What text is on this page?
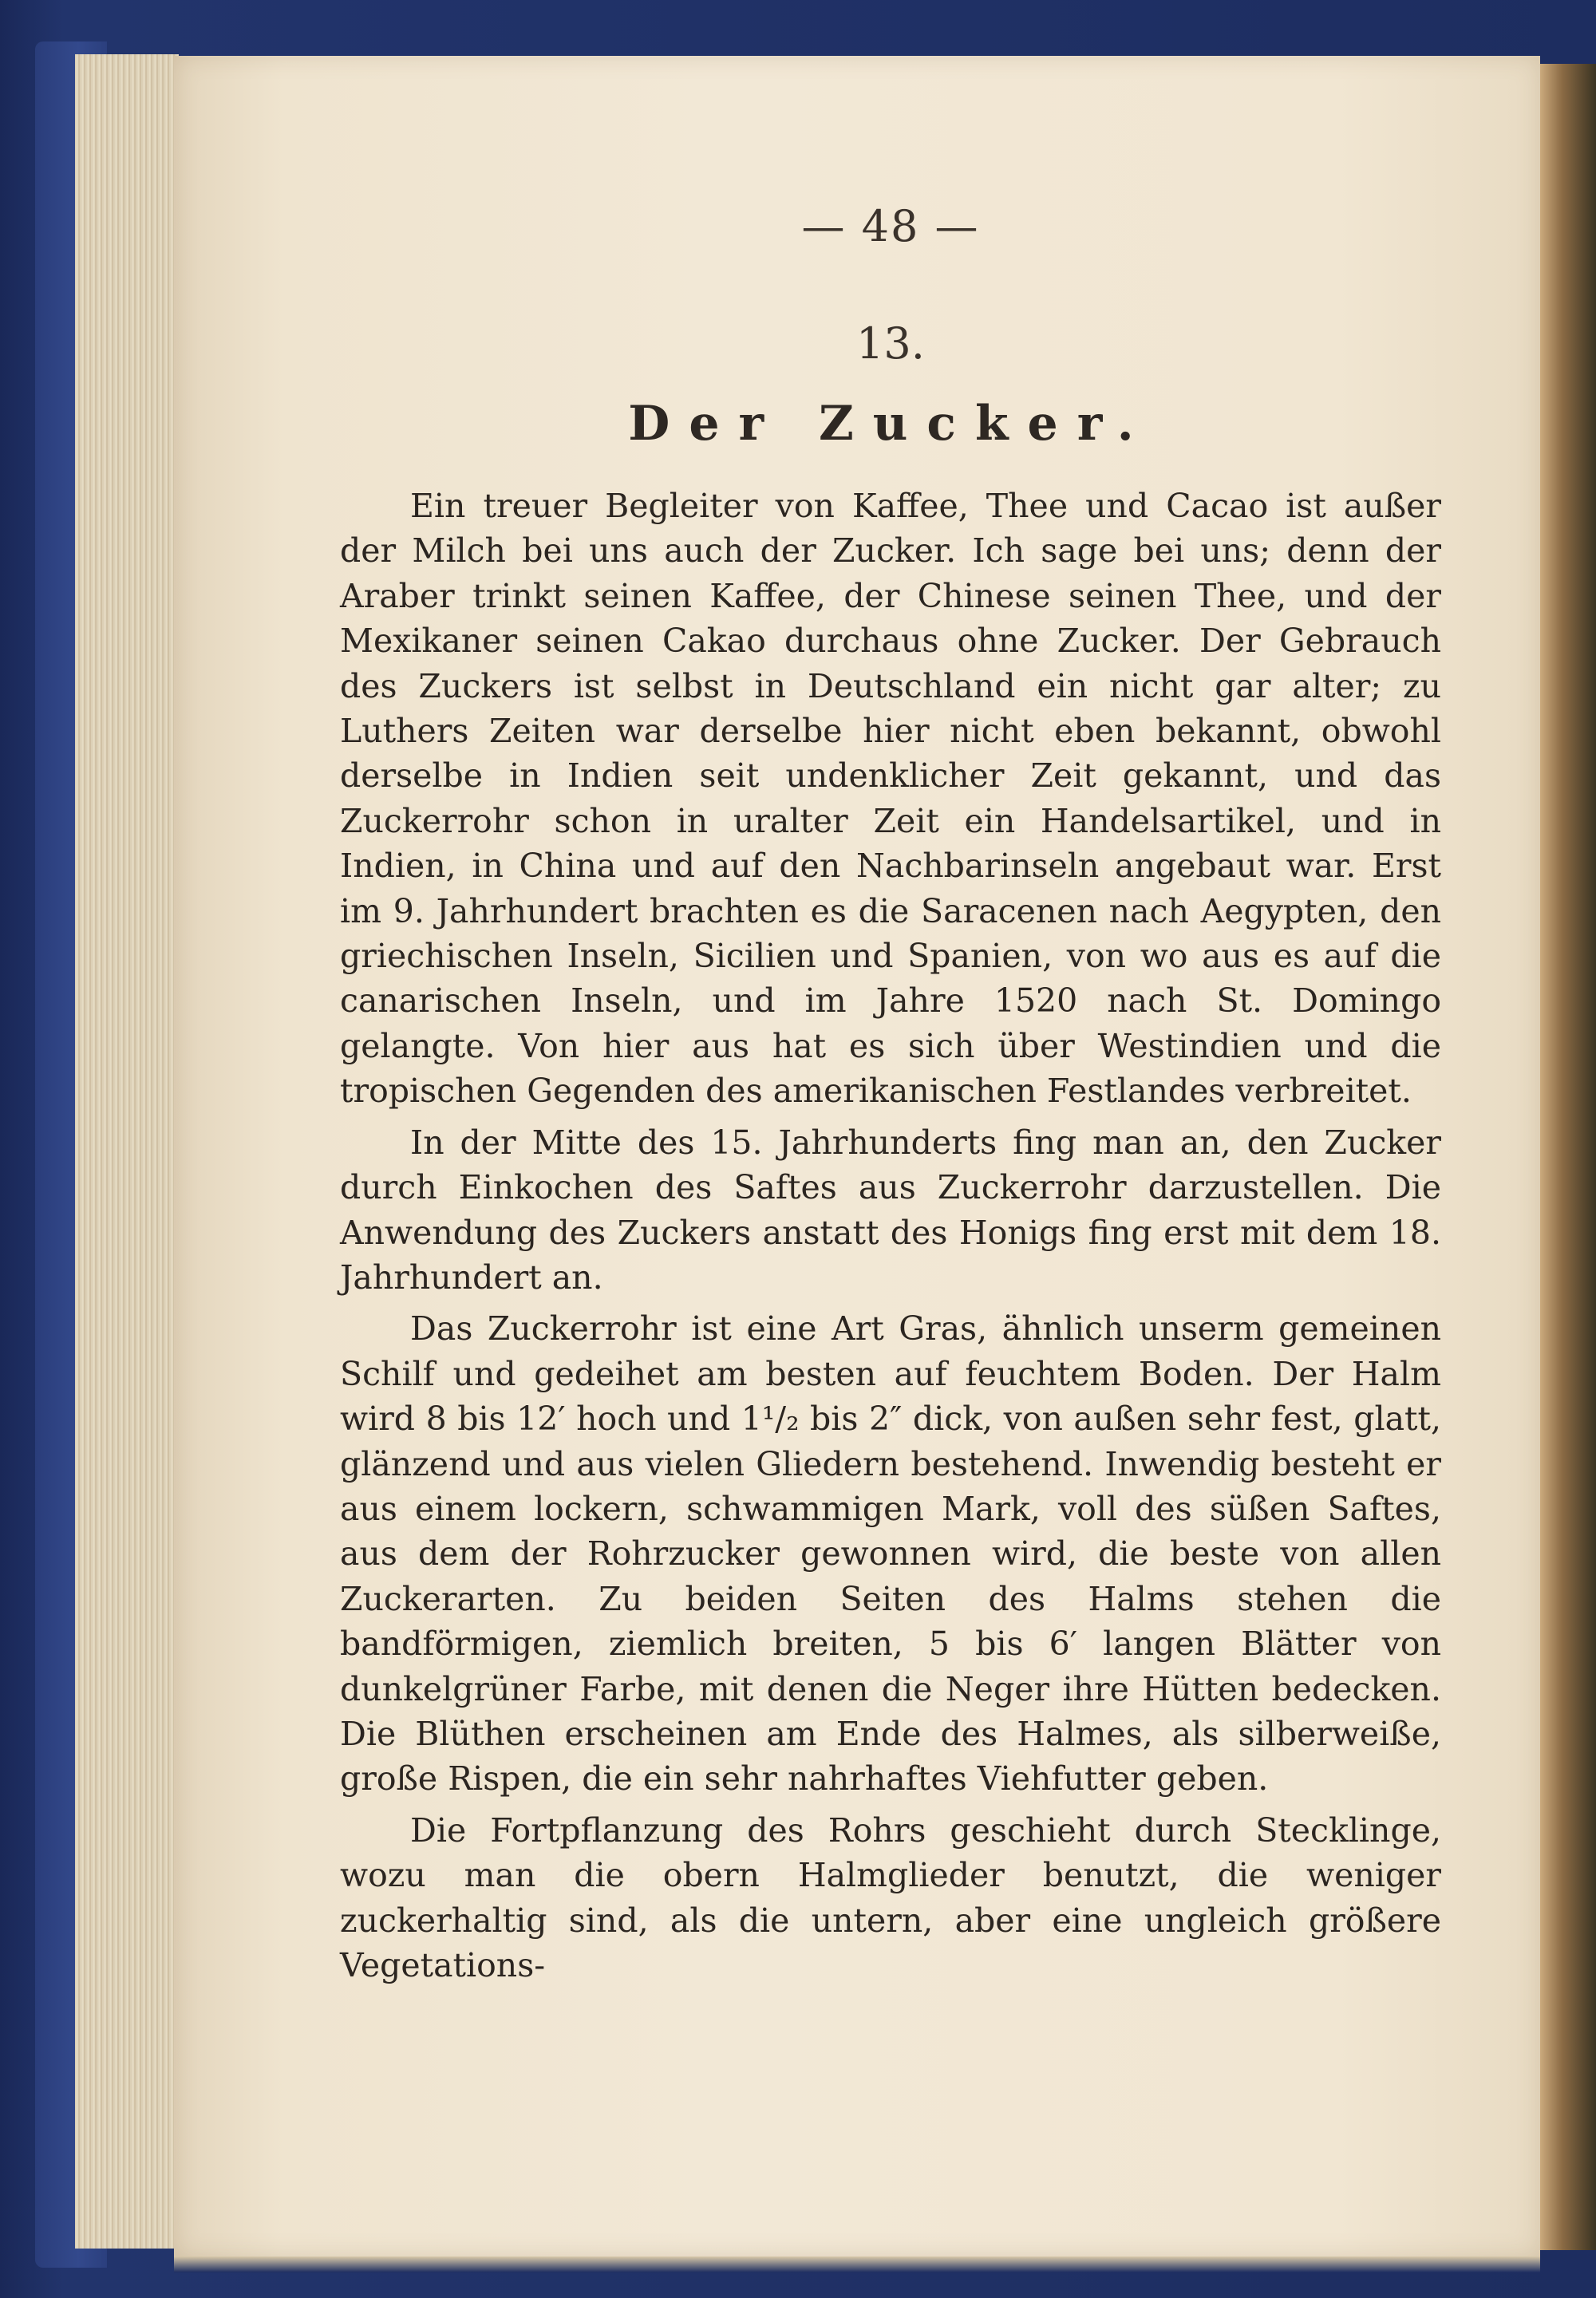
— 48 —
13.
Der Zucker.

Ein treuer Begleiter von Kaffee, Thee und Cacao ist außer der Milch bei uns auch der Zucker. Ich sage bei uns; denn der Araber trinkt seinen Kaffee, der Chinese seinen Thee, und der Mexikaner seinen Cakao durchaus ohne Zucker. Der Gebrauch des Zuckers ist selbst in Deutschland ein nicht gar alter; zu Luthers Zeiten war derselbe hier nicht eben bekannt, obwohl derselbe in Indien seit undenklicher Zeit gekannt, und das Zuckerrohr schon in uralter Zeit ein Handelsartikel, und in Indien, in China und auf den Nachbarinseln angebaut war. Erst im 9. Jahrhundert brachten es die Saracenen nach Aegypten, den griechischen Inseln, Sicilien und Spanien, von wo aus es auf die canarischen Inseln, und im Jahre 1520 nach St. Domingo gelangte. Von hier aus hat es sich über Westindien und die tropischen Gegenden des amerikanischen Festlandes verbreitet.

In der Mitte des 15. Jahrhunderts fing man an, den Zucker durch Einkochen des Saftes aus Zuckerrohr darzustellen. Die Anwendung des Zuckers anstatt des Honigs fing erst mit dem 18. Jahrhundert an.

Das Zuckerrohr ist eine Art Gras, ähnlich unserm gemeinen Schilf und gedeihet am besten auf feuchtem Boden. Der Halm wird 8 bis 12′ hoch und 1¹/₂ bis 2″ dick, von außen sehr fest, glatt, glänzend und aus vielen Gliedern bestehend. Inwendig besteht er aus einem lockern, schwammigen Mark, voll des süßen Saftes, aus dem der Rohrzucker gewonnen wird, die beste von allen Zuckerarten. Zu beiden Seiten des Halms stehen die bandförmigen, ziemlich breiten, 5 bis 6′ langen Blätter von dunkelgrüner Farbe, mit denen die Neger ihre Hütten bedecken. Die Blüthen erscheinen am Ende des Halmes, als silberweiße, große Rispen, die ein sehr nahrhaftes Viehfutter geben.

Die Fortpflanzung des Rohrs geschieht durch Stecklinge, wozu man die obern Halmglieder benutzt, die weniger zuckerhaltig sind, als die untern, aber eine ungleich größere Vegetations-
